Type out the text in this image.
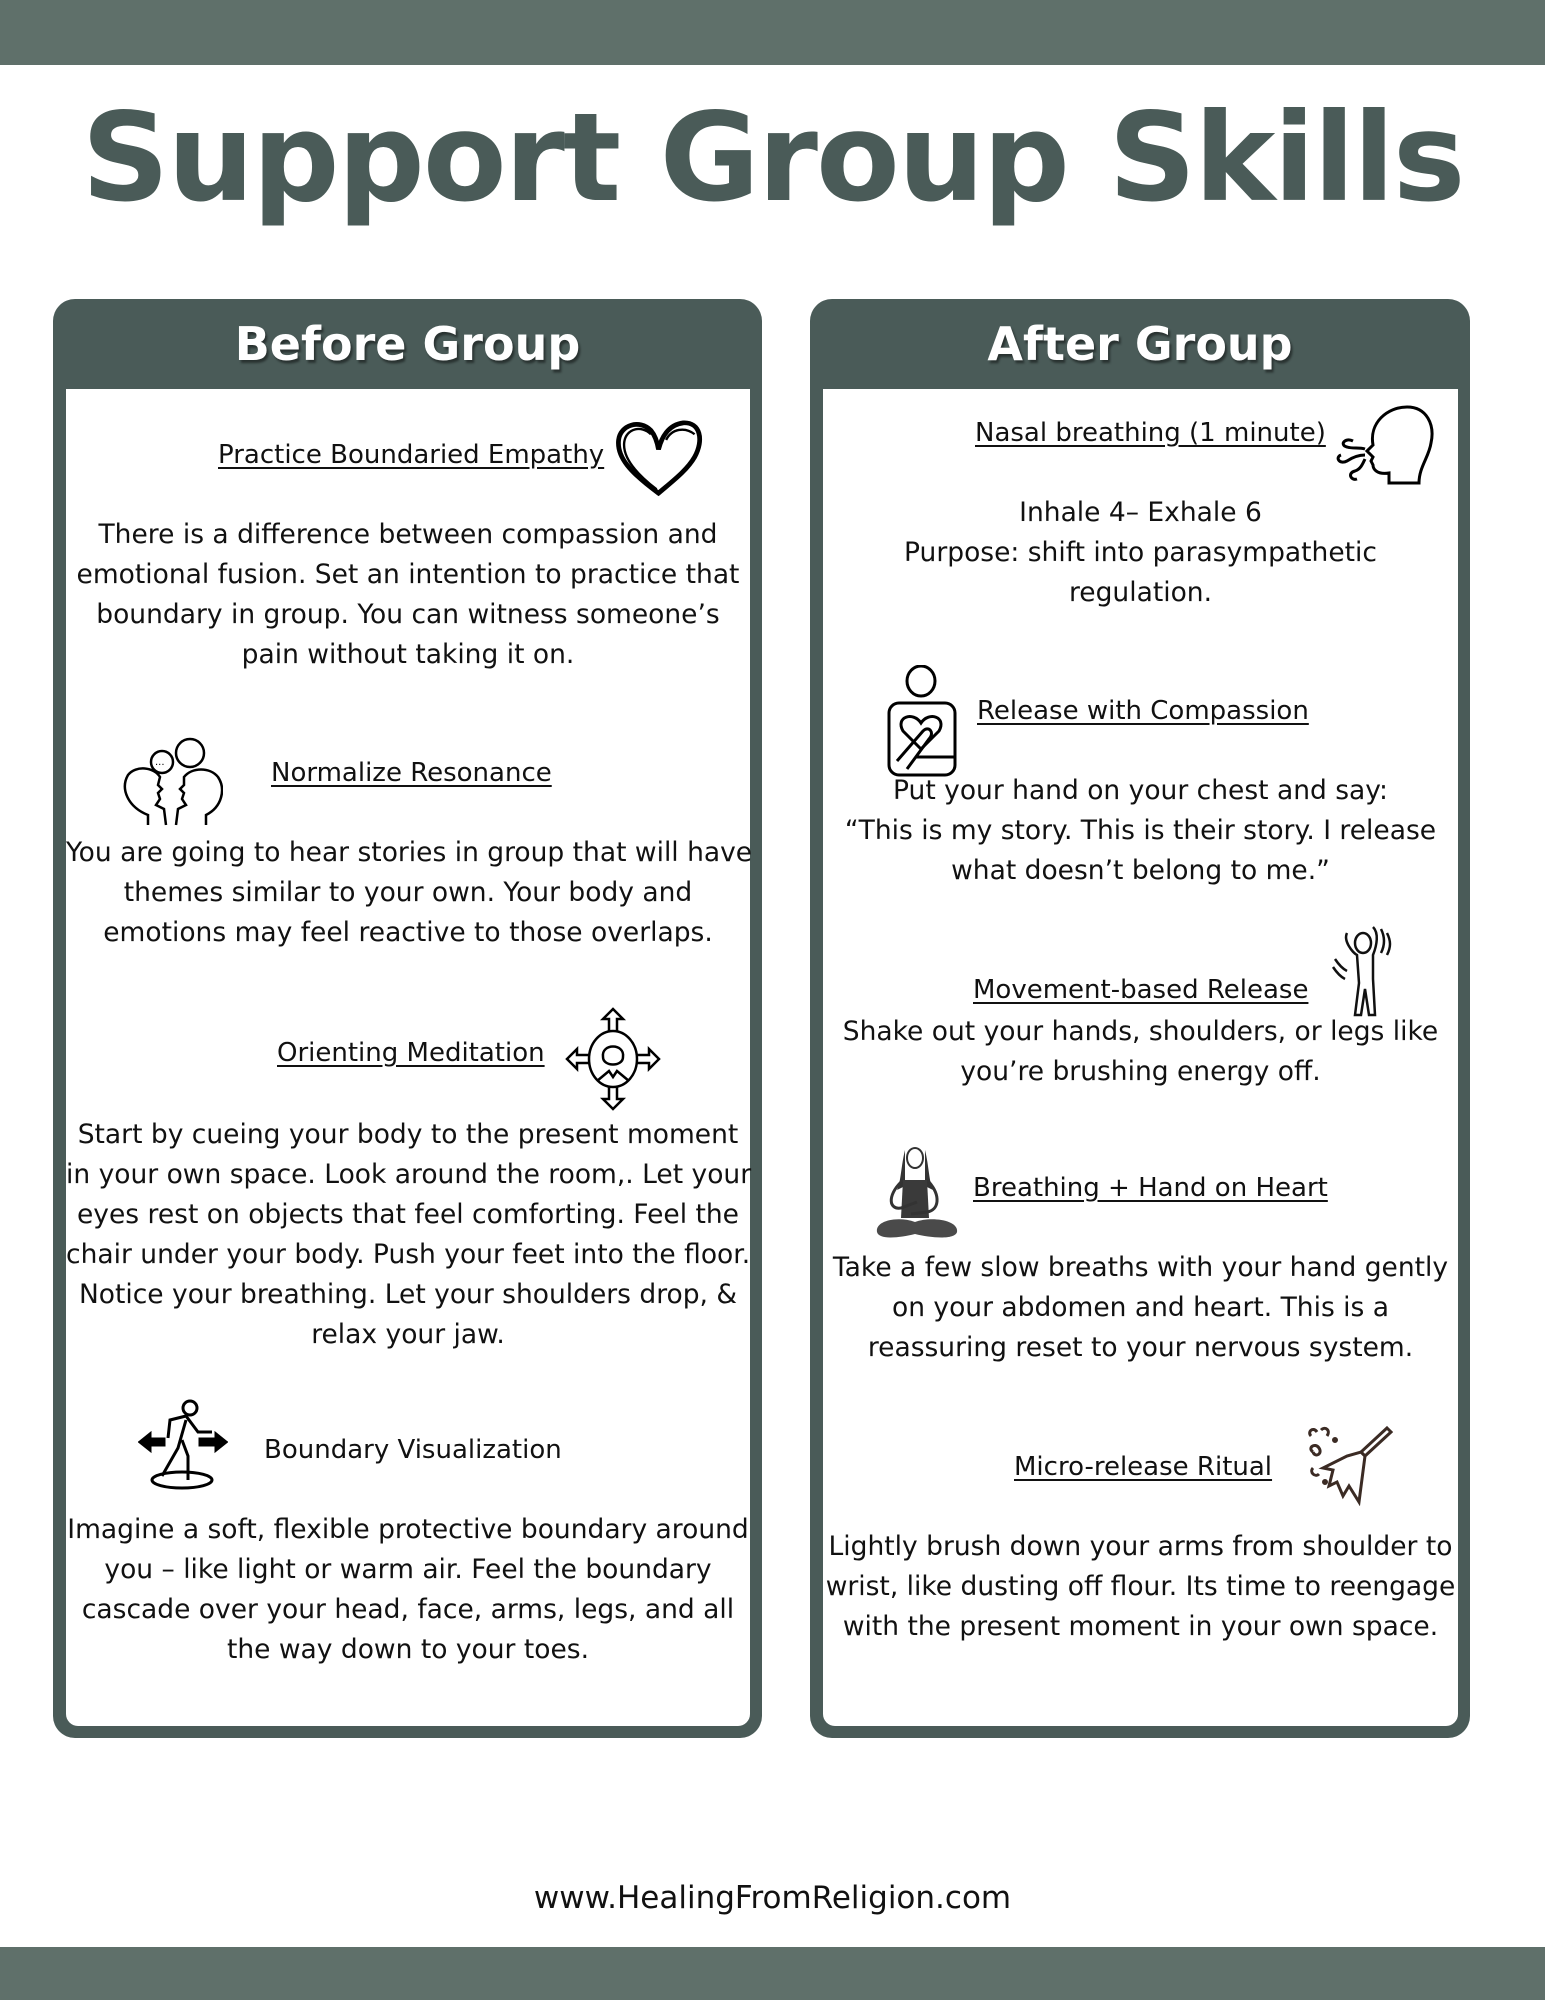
Support Group Skills
Before Group
Practice Boundaried Empathy
There is a difference between compassion and
emotional fusion. Set an intention to practice that
boundary in group. You can witness someone’s
pain without taking it on.
...	Normalize Resonance
You are going to hear stories in group that will have
themes similar to your own. Your body and
emotions may feel reactive to those overlaps.
Orienting Meditation
Start by cueing your body to the present moment
in your own space. Look around the room,. Let your
eyes rest on objects that feel comforting. Feel the
chair under your body. Push your feet into the floor.
Notice your breathing. Let your shoulders drop, &
relax your jaw.
Boundary Visualization
Imagine a soft, flexible protective boundary around
you – like light or warm air. Feel the boundary
cascade over your head, face, arms, legs, and all
the way down to your toes.
After Group
Nasal breathing (1 minute)
Inhale 4– Exhale 6
Purpose: shift into parasympathetic
regulation.
Release with Compassion
Put your hand on your chest and say:
“This is my story. This is their story. I release
what doesn’t belong to me.”
Movement-based Release
Shake out your hands, shoulders, or legs like
you’re brushing energy off.
Breathing + Hand on Heart
Take a few slow breaths with your hand gently
on your abdomen and heart. This is a
reassuring reset to your nervous system.
Micro-release Ritual
Lightly brush down your arms from shoulder to
wrist, like dusting off flour. Its time to reengage
with the present moment in your own space.
www.HealingFromReligion.com
